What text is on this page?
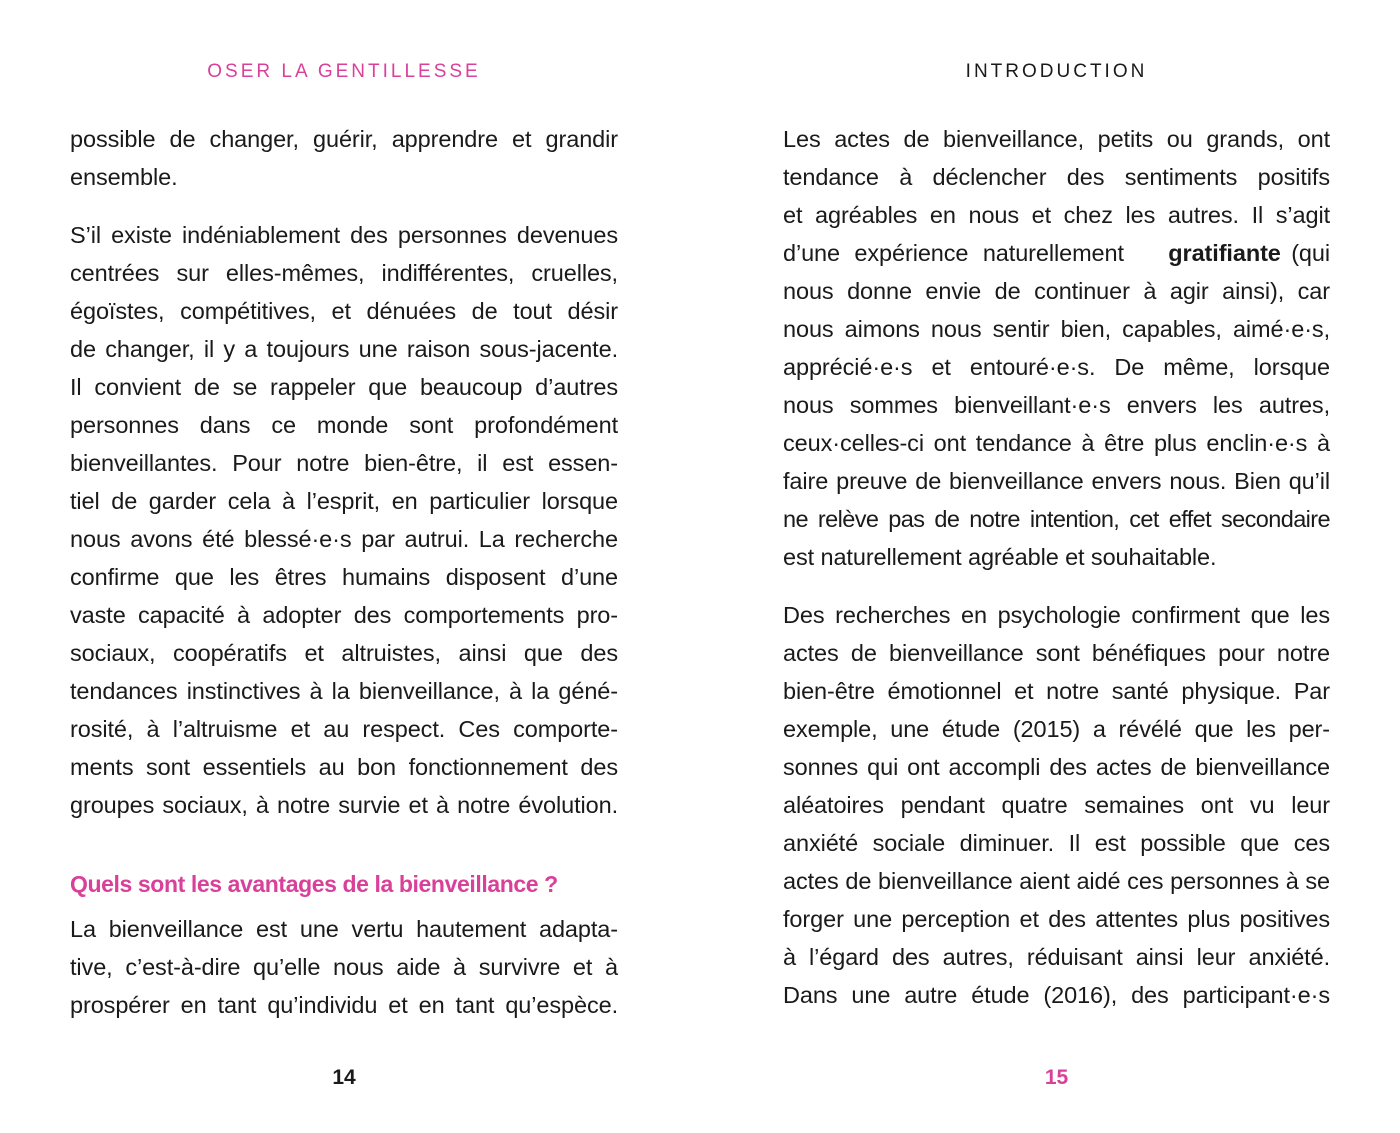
OSER LA GENTILLESSE
possible de changer, guérir, apprendre et grandir
ensemble.
S’il existe indéniablement des personnes devenues
centrées sur elles-mêmes, indifférentes, cruelles,
égoïstes, compétitives, et dénuées de tout désir
de changer, il y a toujours une raison sous-jacente.
Il convient de se rappeler que beaucoup d’autres
personnes dans ce monde sont profondément
bienveillantes. Pour notre bien-être, il est essen-
tiel de garder cela à l’esprit, en particulier lorsque
nous avons été blessé·e·s par autrui. La recherche
confirme que les êtres humains disposent d’une
vaste capacité à adopter des comportements pro-
sociaux, coopératifs et altruistes, ainsi que des
tendances instinctives à la bienveillance, à la géné-
rosité, à l’altruisme et au respect. Ces comporte-
ments sont essentiels au bon fonctionnement des
groupes sociaux, à notre survie et à notre évolution.
Quels sont les avantages de la bienveillance ?
La bienveillance est une vertu hautement adapta-
tive, c’est-à-dire qu’elle nous aide à survivre et à
prospérer en tant qu’individu et en tant qu’espèce.
14
INTRODUCTION
Les actes de bienveillance, petits ou grands, ont
tendance à déclencher des sentiments positifs
et agréables en nous et chez les autres. Il s’agit
d’une expérience naturellement gratifiante (qui
nous donne envie de continuer à agir ainsi), car
nous aimons nous sentir bien, capables, aimé·e·s,
apprécié·e·s et entouré·e·s. De même, lorsque
nous sommes bienveillant·e·s envers les autres,
ceux·celles-ci ont tendance à être plus enclin·e·s à
faire preuve de bienveillance envers nous. Bien qu’il
ne relève pas de notre intention, cet effet secondaire
est naturellement agréable et souhaitable.
Des recherches en psychologie confirment que les
actes de bienveillance sont bénéfiques pour notre
bien-être émotionnel et notre santé physique. Par
exemple, une étude (2015) a révélé que les per-
sonnes qui ont accompli des actes de bienveillance
aléatoires pendant quatre semaines ont vu leur
anxiété sociale diminuer. Il est possible que ces
actes de bienveillance aient aidé ces personnes à se
forger une perception et des attentes plus positives
à l’égard des autres, réduisant ainsi leur anxiété.
Dans une autre étude (2016), des participant·e·s
15
